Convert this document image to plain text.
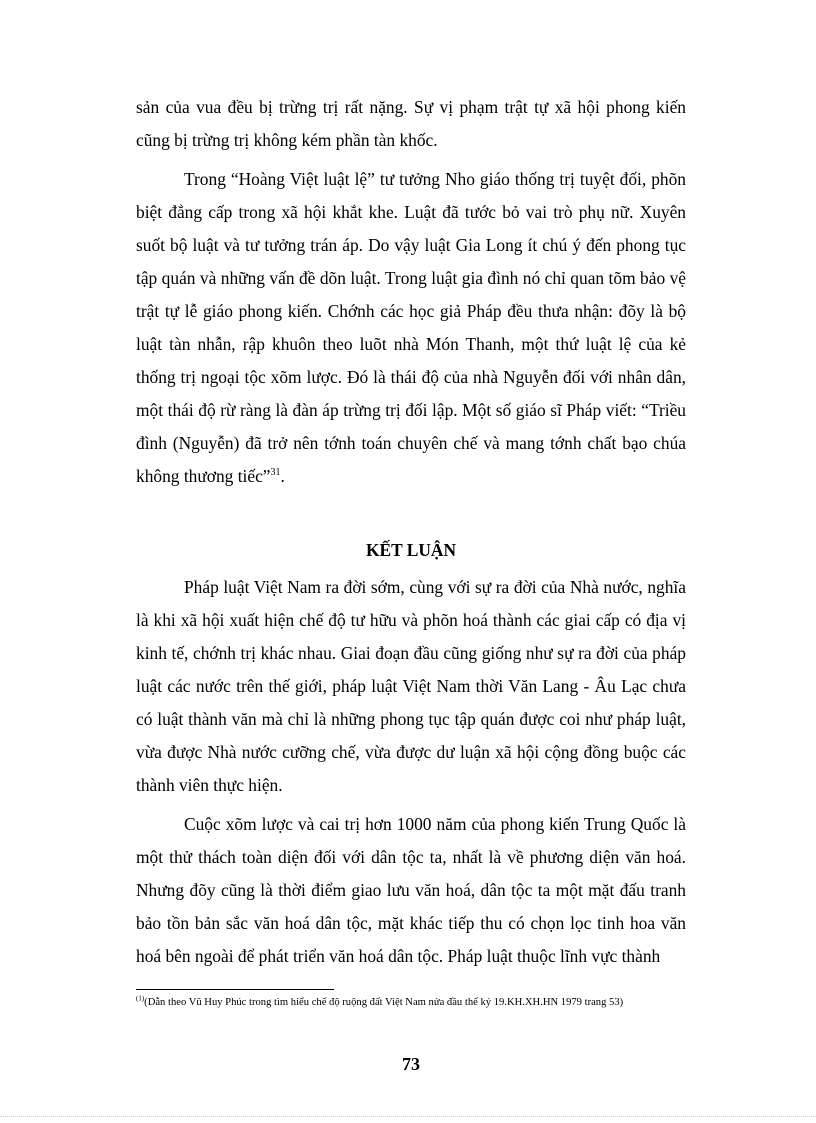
sản của vua đều bị trừng trị rất nặng. Sự vị phạm trật tự xã hội phong kiến cũng bị trừng trị không kém phần tàn khốc.

Trong “Hoàng Việt luật lệ” tư tưởng Nho giáo thống trị tuyệt đối, phõn biệt đẳng cấp trong xã hội khắt khe. Luật đã tước bỏ vai trò phụ nữ. Xuyên suốt bộ luật và tư tưởng trán áp. Do vậy luật Gia Long ít chú ý đến phong tục tập quán và những vấn đề dõn luật. Trong luật gia đình nó chỉ quan tõm bảo vệ trật tự lễ giáo phong kiến. Chớnh các học giả Pháp đều thưa nhận: đõy là bộ luật tàn nhẫn, rập khuôn theo luõt nhà Món Thanh, một thứ luật lệ của kẻ thống trị ngoại tộc xõm lược. Đó là thái độ của nhà Nguyễn đối với nhân dân, một thái độ rừ ràng là đàn áp trừng trị đối lập. Một số giáo sĩ Pháp viết: “Triều đình (Nguyễn) đã trở nên tớnh toán chuyên chế và mang tớnh chất bạo chúa không thương tiếc”$^{31}$.

KẾT LUẬN

Pháp luật Việt Nam ra đời sớm, cùng với sự ra đời của Nhà nước, nghĩa là khi xã hội xuất hiện chế độ tư hữu và phõn hoá thành các giai cấp có địa vị kinh tế, chớnh trị khác nhau. Giai đoạn đầu cũng giống như sự ra đời của pháp luật các nước trên thế giới, pháp luật Việt Nam thời Văn Lang - Âu Lạc chưa có luật thành văn mà chỉ là những phong tục tập quán được coi như pháp luật, vừa được Nhà nước cưỡng chế, vừa được dư luận xã hội cộng đồng buộc các thành viên thực hiện.

Cuộc xõm lược và cai trị hơn 1000 năm của phong kiến Trung Quốc là một thử thách toàn diện đối với dân tộc ta, nhất là về phương diện văn hoá. Nhưng đõy cũng là thời điểm giao lưu văn hoá, dân tộc ta một mặt đấu tranh bảo tồn bản sắc văn hoá dân tộc, mặt khác tiếp thu có chọn lọc tinh hoa văn hoá bên ngoài để phát triển văn hoá dân tộc. Pháp luật thuộc lĩnh vực thành

$^{(1)}$(Dẫn theo Vũ Huy Phúc trong tìm hiểu chế độ ruộng đất Việt Nam nửa đầu thế kỷ 19.KH.XH.HN 1979 trang 53)
73
